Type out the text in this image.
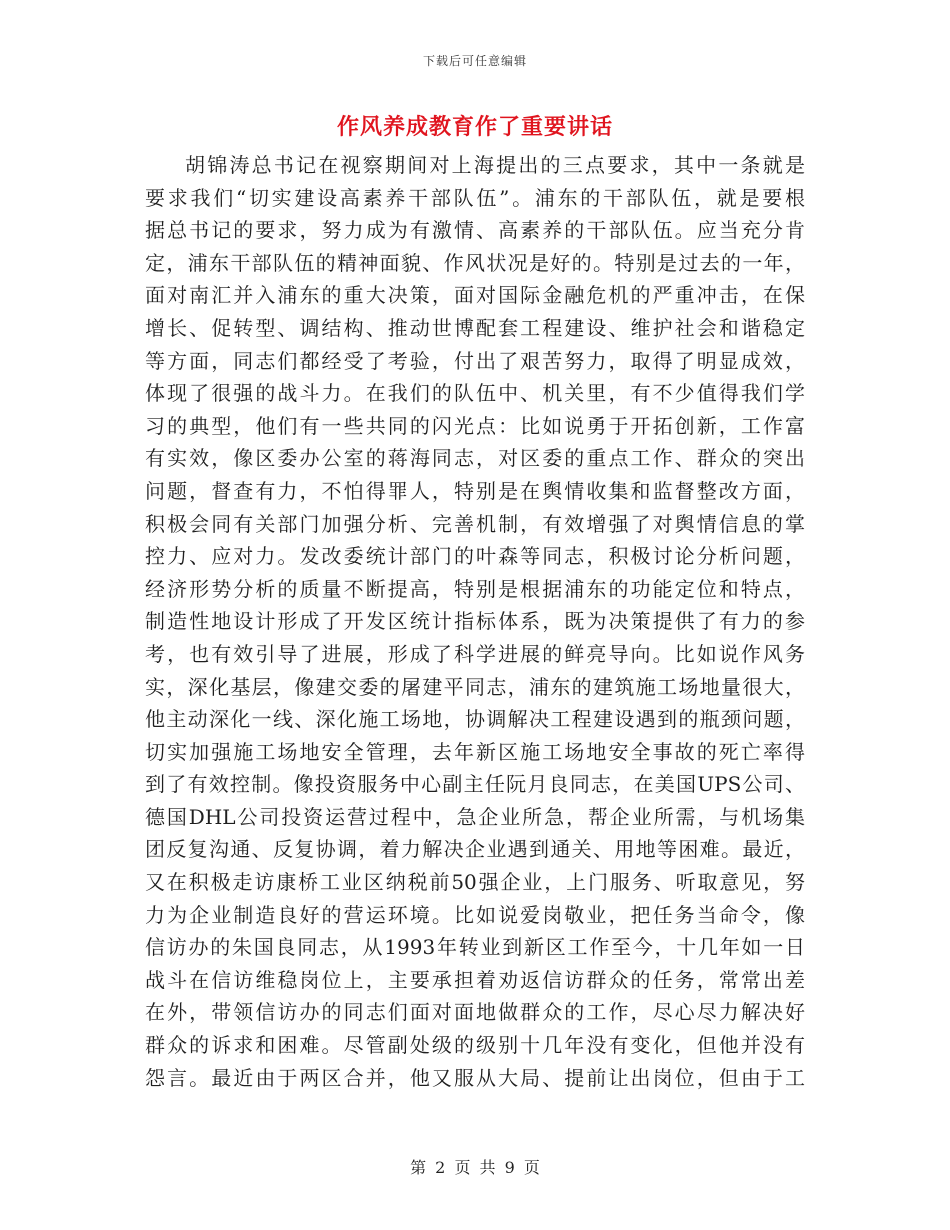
下载后可任意编辑
作风养成教育作了重要讲话
胡锦涛总书记在视察期间对上海提出的三点要求，其中一条就是
要求我们“切实建设高素养干部队伍”。浦东的干部队伍，就是要根
据总书记的要求，努力成为有激情、高素养的干部队伍。应当充分肯
定，浦东干部队伍的精神面貌、作风状况是好的。特别是过去的一年，
面对南汇并入浦东的重大决策，面对国际金融危机的严重冲击，在保
增长、促转型、调结构、推动世博配套工程建设、维护社会和谐稳定
等方面，同志们都经受了考验，付出了艰苦努力，取得了明显成效，
体现了很强的战斗力。在我们的队伍中、机关里，有不少值得我们学
习的典型，他们有一些共同的闪光点：比如说勇于开拓创新，工作富
有实效，像区委办公室的蒋海同志，对区委的重点工作、群众的突出
问题，督查有力，不怕得罪人，特别是在舆情收集和监督整改方面，
积极会同有关部门加强分析、完善机制，有效增强了对舆情信息的掌
控力、应对力。发改委统计部门的叶森等同志，积极讨论分析问题，
经济形势分析的质量不断提高，特别是根据浦东的功能定位和特点，
制造性地设计形成了开发区统计指标体系，既为决策提供了有力的参
考，也有效引导了进展，形成了科学进展的鲜亮导向。比如说作风务
实，深化基层，像建交委的屠建平同志，浦东的建筑施工场地量很大，
他主动深化一线、深化施工场地，协调解决工程建设遇到的瓶颈问题，
切实加强施工场地安全管理，去年新区施工场地安全事故的死亡率得
到了有效控制。像投资服务中心副主任阮月良同志，在美国UPS公司、
德国DHL公司投资运营过程中，急企业所急，帮企业所需，与机场集
团反复沟通、反复协调，着力解决企业遇到通关、用地等困难。最近，
又在积极走访康桥工业区纳税前50强企业，上门服务、听取意见，努
力为企业制造良好的营运环境。比如说爱岗敬业，把任务当命令，像
信访办的朱国良同志，从1993年转业到新区工作至今，十几年如一日
战斗在信访维稳岗位上，主要承担着劝返信访群众的任务，常常出差
在外，带领信访办的同志们面对面地做群众的工作，尽心尽力解决好
群众的诉求和困难。尽管副处级的级别十几年没有变化，但他并没有
怨言。最近由于两区合并，他又服从大局、提前让出岗位，但由于工
第 2 页 共 9 页
